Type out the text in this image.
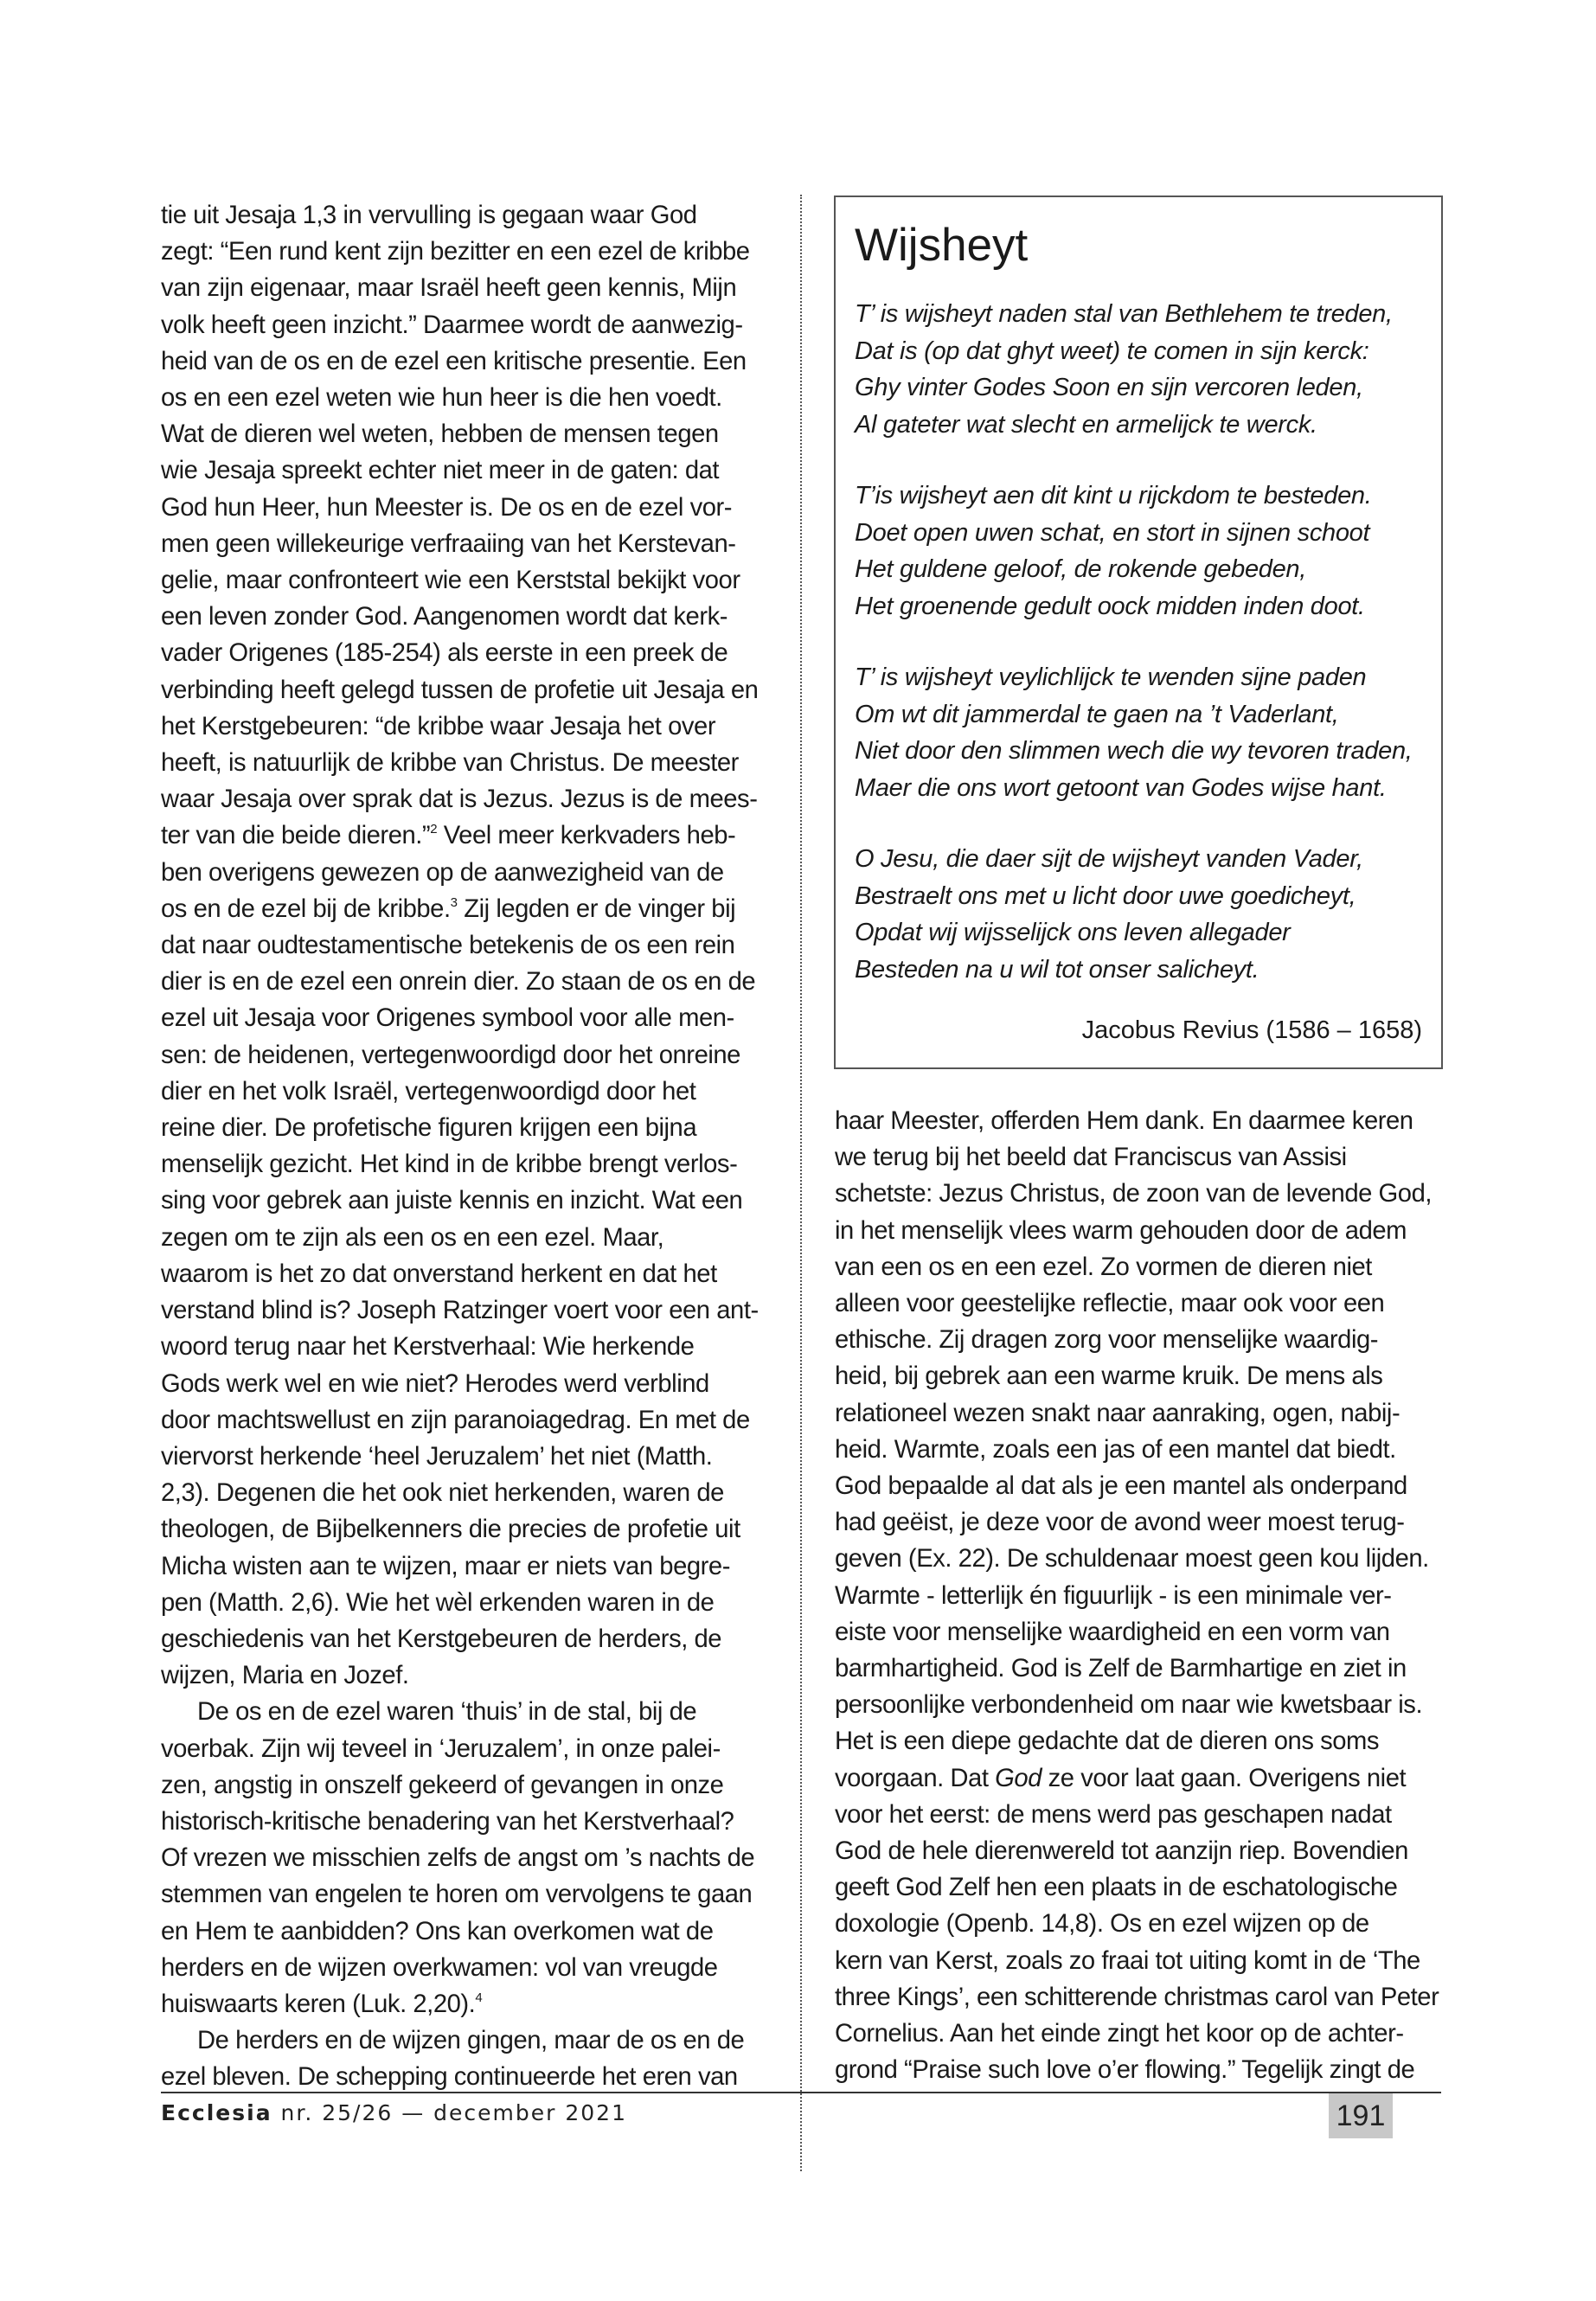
tie uit Jesaja 1,3 in vervulling is gegaan waar God
zegt: “Een rund kent zijn bezitter en een ezel de kribbe
van zijn eigenaar, maar Israël heeft geen kennis, Mijn
volk heeft geen inzicht.” Daarmee wordt de aanwezig-
heid van de os en de ezel een kritische presentie. Een
os en een ezel weten wie hun heer is die hen voedt.
Wat de dieren wel weten, hebben de mensen tegen
wie Jesaja spreekt echter niet meer in de gaten: dat
God hun Heer, hun Meester is. De os en de ezel vor-
men geen willekeurige verfraaiing van het Kerstevan-
gelie, maar confronteert wie een Kerststal bekijkt voor
een leven zonder God. Aangenomen wordt dat kerk-
vader Origenes (185-254) als eerste in een preek de
verbinding heeft gelegd tussen de profetie uit Jesaja en
het Kerstgebeuren: “de kribbe waar Jesaja het over
heeft, is natuurlijk de kribbe van Christus. De meester
waar Jesaja over sprak dat is Jezus. Jezus is de mees-
ter van die beide dieren.”$^2$ Veel meer kerkvaders heb-
ben overigens gewezen op de aanwezigheid van de
os en de ezel bij de kribbe.$^3$ Zij legden er de vinger bij
dat naar oudtestamentische betekenis de os een rein
dier is en de ezel een onrein dier. Zo staan de os en de
ezel uit Jesaja voor Origenes symbool voor alle men-
sen: de heidenen, vertegenwoordigd door het onreine
dier en het volk Israël, vertegenwoordigd door het
reine dier. De profetische figuren krijgen een bijna
menselijk gezicht. Het kind in de kribbe brengt verlos-
sing voor gebrek aan juiste kennis en inzicht. Wat een
zegen om te zijn als een os en een ezel. Maar,
waarom is het zo dat onverstand herkent en dat het
verstand blind is? Joseph Ratzinger voert voor een ant-
woord terug naar het Kerstverhaal: Wie herkende
Gods werk wel en wie niet? Herodes werd verblind
door machtswellust en zijn paranoiagedrag. En met de
viervorst herkende ‘heel Jeruzalem’ het niet (Matth.
2,3). Degenen die het ook niet herkenden, waren de
theologen, de Bijbelkenners die precies de profetie uit
Micha wisten aan te wijzen, maar er niets van begre-
pen (Matth. 2,6). Wie het wèl erkenden waren in de
geschiedenis van het Kerstgebeuren de herders, de
wijzen, Maria en Jozef.

De os en de ezel waren ‘thuis’ in de stal, bij de
voerbak. Zijn wij teveel in ‘Jeruzalem’, in onze palei-
zen, angstig in onszelf gekeerd of gevangen in onze
historisch-kritische benadering van het Kerstverhaal?
Of vrezen we misschien zelfs de angst om ’s nachts de
stemmen van engelen te horen om vervolgens te gaan
en Hem te aanbidden? Ons kan overkomen wat de
herders en de wijzen overkwamen: vol van vreugde
huiswaarts keren (Luk. 2,20).$^4$

De herders en de wijzen gingen, maar de os en de
ezel bleven. De schepping continueerde het eren van

Wijsheyt
T’ is wijsheyt naden stal van Bethlehem te treden,
Dat is (op dat ghyt weet) te comen in sijn kerck:
Ghy vinter Godes Soon en sijn vercoren leden,
Al gateter wat slecht en armelijck te werck.
T’is wijsheyt aen dit kint u rijckdom te besteden.
Doet open uwen schat, en stort in sijnen schoot
Het guldene geloof, de rokende gebeden,
Het groenende gedult oock midden inden doot.
T’ is wijsheyt veylichlijck te wenden sijne paden
Om wt dit jammerdal te gaen na ’t Vaderlant,
Niet door den slimmen wech die wy tevoren traden,
Maer die ons wort getoont van Godes wijse hant.
O Jesu, die daer sijt de wijsheyt vanden Vader,
Bestraelt ons met u licht door uwe goedicheyt,
Opdat wij wijsselijck ons leven allegader
Besteden na u wil tot onser salicheyt.
Jacobus Revius (1586 – 1658)

haar Meester, offerden Hem dank. En daarmee keren
we terug bij het beeld dat Franciscus van Assisi
schetste: Jezus Christus, de zoon van de levende God,
in het menselijk vlees warm gehouden door de adem
van een os en een ezel. Zo vormen de dieren niet
alleen voor geestelijke reflectie, maar ook voor een
ethische. Zij dragen zorg voor menselijke waardig-
heid, bij gebrek aan een warme kruik. De mens als
relationeel wezen snakt naar aanraking, ogen, nabij-
heid. Warmte, zoals een jas of een mantel dat biedt.
God bepaalde al dat als je een mantel als onderpand
had geëist, je deze voor de avond weer moest terug-
geven (Ex. 22). De schuldenaar moest geen kou lijden.
Warmte - letterlijk én figuurlijk - is een minimale ver-
eiste voor menselijke waardigheid en een vorm van
barmhartigheid. God is Zelf de Barmhartige en ziet in
persoonlijke verbondenheid om naar wie kwetsbaar is.
Het is een diepe gedachte dat de dieren ons soms
voorgaan. Dat God ze voor laat gaan. Overigens niet
voor het eerst: de mens werd pas geschapen nadat
God de hele dierenwereld tot aanzijn riep. Bovendien
geeft God Zelf hen een plaats in de eschatologische
doxologie (Openb. 14,8). Os en ezel wijzen op de
kern van Kerst, zoals zo fraai tot uiting komt in de ‘The
three Kings’, een schitterende christmas carol van Peter
Cornelius. Aan het einde zingt het koor op de achter-
grond “Praise such love o’er flowing.” Tegelijk zingt de

Ecclesia nr. 25/26 — december 2021	191
